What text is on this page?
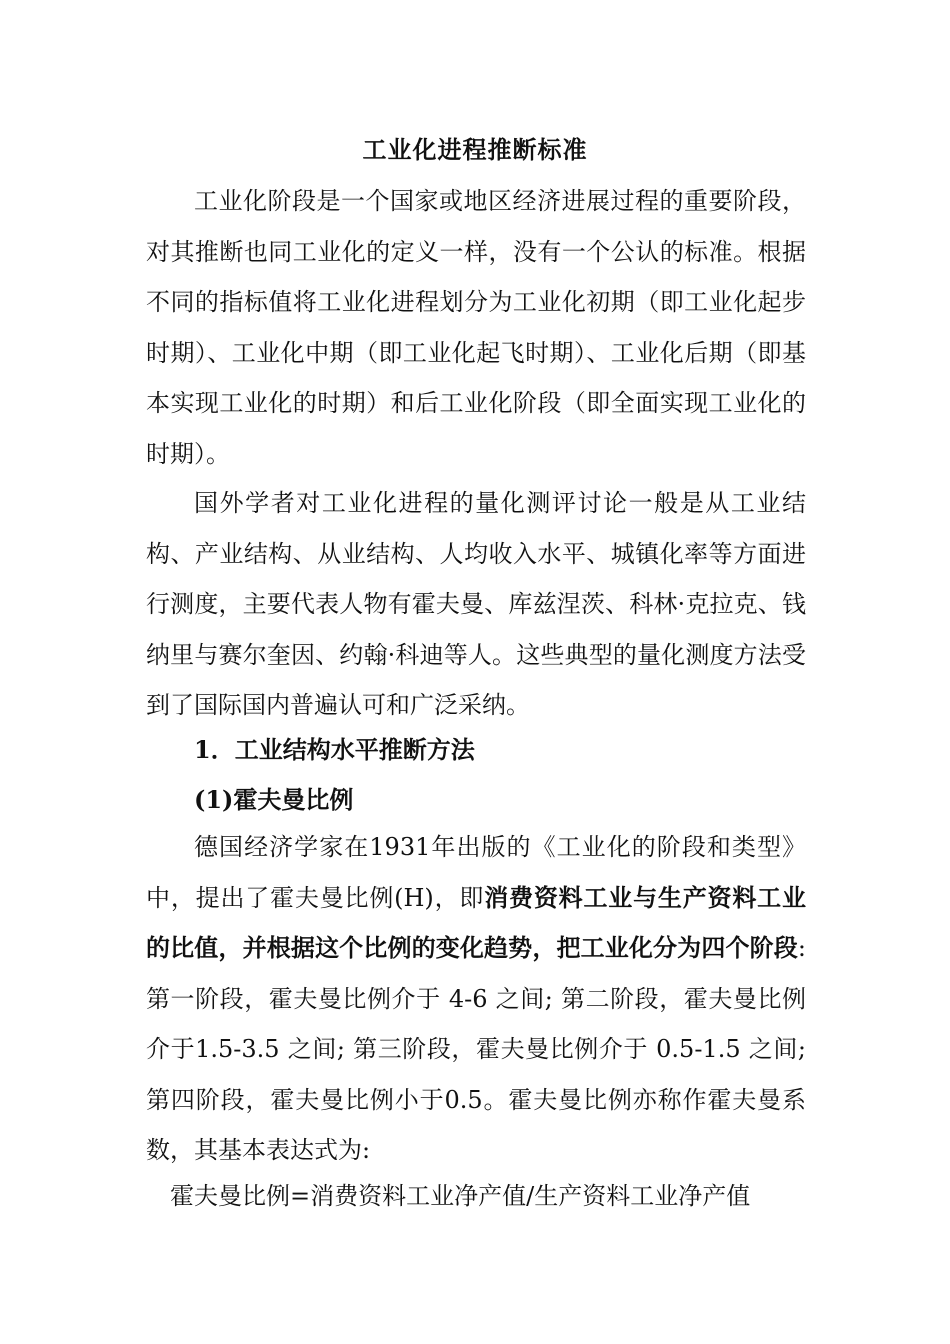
工业化进程推断标准

工业化阶段是一个国家或地区经济进展过程的重要阶段，对其推断也同工业化的定义一样，没有一个公认的标准。根据不同的指标值将工业化进程划分为工业化初期（即工业化起步时期）、工业化中期（即工业化起飞时期）、工业化后期（即基本实现工业化的时期）和后工业化阶段（即全面实现工业化的时期）。

国外学者对工业化进程的量化测评讨论一般是从工业结构、产业结构、从业结构、人均收入水平、城镇化率等方面进行测度，主要代表人物有霍夫曼、库兹涅茨、科林·克拉克、钱纳里与赛尔奎因、约翰·科迪等人。这些典型的量化测度方法受到了国际国内普遍认可和广泛采纳。

1．工业结构水平推断方法
(1)霍夫曼比例

德国经济学家在1931年出版的《工业化的阶段和类型》中，提出了霍夫曼比例(H)，即消费资料工业与生产资料工业的比值，并根据这个比例的变化趋势，把工业化分为四个阶段:第一阶段，霍夫曼比例介于 4-6 之间; 第二阶段，霍夫曼比例介于1.5-3.5 之间; 第三阶段，霍夫曼比例介于 0.5-1.5 之间; 第四阶段，霍夫曼比例小于0.5。霍夫曼比例亦称作霍夫曼系数，其基本表达式为:

霍夫曼比例=消费资料工业净产值/生产资料工业净产值
